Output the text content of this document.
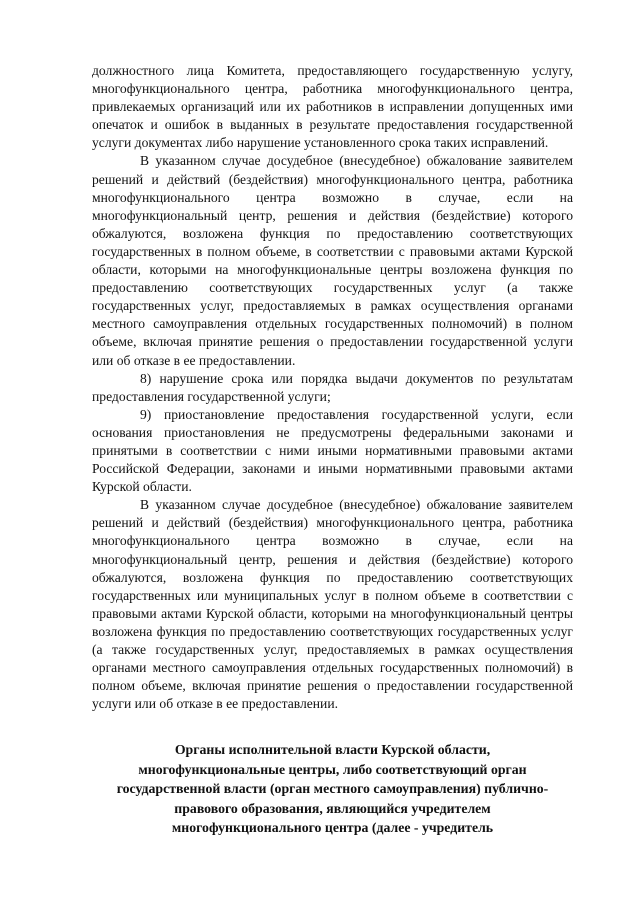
должностного лица Комитета, предоставляющего государственную услугу, многофункционального центра, работника многофункционального центра, привлекаемых организаций или их работников в исправлении допущенных ими опечаток и ошибок в выданных в результате предоставления государственной услуги документах либо нарушение установленного срока таких исправлений.

В указанном случае досудебное (внесудебное) обжалование заявителем решений и действий (бездействия) многофункционального центра, работника многофункционального центра возможно в случае, если на многофункциональный центр, решения и действия (бездействие) которого обжалуются, возложена функция по предоставлению соответствующих государственных в полном объеме, в соответствии с правовыми актами Курской области, которыми на многофункциональные центры возложена функция по предоставлению соответствующих государственных услуг (а также государственных услуг, предоставляемых в рамках осуществления органами местного самоуправления отдельных государственных полномочий) в полном объеме, включая принятие решения о предоставлении государственной услуги или об отказе в ее предоставлении.

8) нарушение срока или порядка выдачи документов по результатам предоставления государственной услуги;

9) приостановление предоставления государственной услуги, если основания приостановления не предусмотрены федеральными законами и принятыми в соответствии с ними иными нормативными правовыми актами Российской Федерации, законами и иными нормативными правовыми актами Курской области.

В указанном случае досудебное (внесудебное) обжалование заявителем решений и действий (бездействия) многофункционального центра, работника многофункционального центра возможно в случае, если на многофункциональный центр, решения и действия (бездействие) которого обжалуются, возложена функция по предоставлению соответствующих государственных или муниципальных услуг в полном объеме в соответствии с правовыми актами Курской области, которыми на многофункциональный центры возложена функция по предоставлению соответствующих государственных услуг (а также государственных услуг, предоставляемых в рамках осуществления органами местного самоуправления отдельных государственных полномочий) в полном объеме, включая принятие решения о предоставлении государственной услуги или об отказе в ее предоставлении.

Органы исполнительной власти Курской области,

многофункциональные центры, либо соответствующий орган

государственной власти (орган местного самоуправления) публично-

правового образования, являющийся учредителем

многофункционального центра (далее - учредитель
